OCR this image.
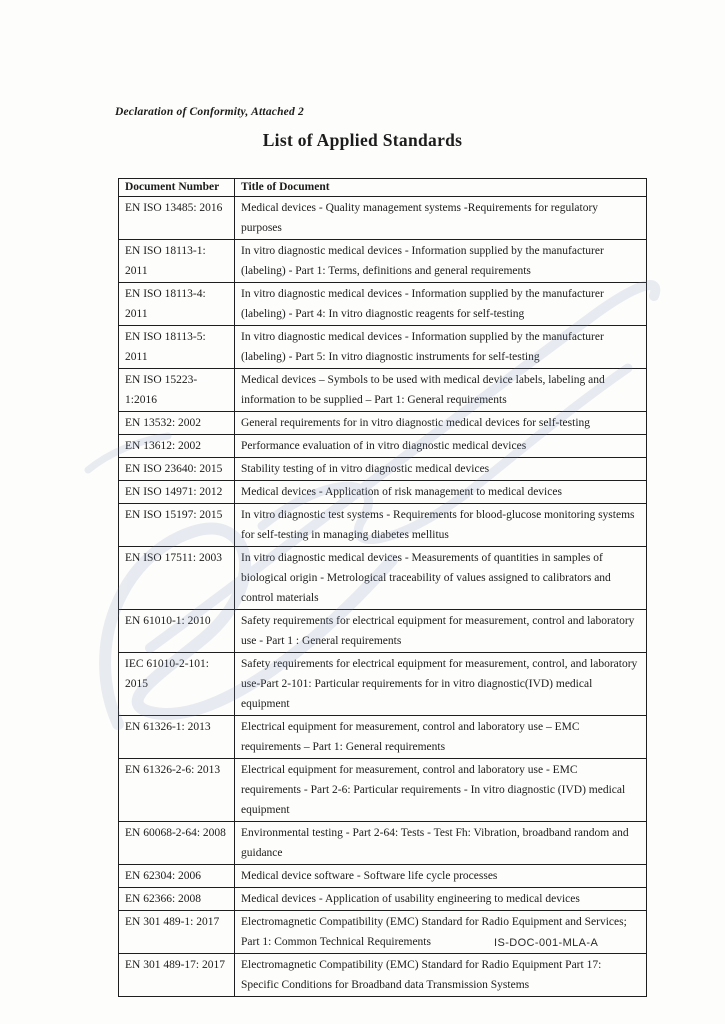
Declaration of Conformity, Attached 2
List of Applied Standards
Document Number	Title of Document
EN ISO 13485: 2016	Medical devices - Quality management systems -Requirements for regulatory purposes
EN ISO 18113-1: 2011	In vitro diagnostic medical devices - Information supplied by the manufacturer (labeling) - Part 1: Terms, definitions and general requirements
EN ISO 18113-4: 2011	In vitro diagnostic medical devices - Information supplied by the manufacturer (labeling) - Part 4: In vitro diagnostic reagents for self-testing
EN ISO 18113-5: 2011	In vitro diagnostic medical devices - Information supplied by the manufacturer (labeling) - Part 5: In vitro diagnostic instruments for self-testing
EN ISO 15223-1:2016	Medical devices – Symbols to be used with medical device labels, labeling and information to be supplied – Part 1: General requirements
EN 13532: 2002	General requirements for in vitro diagnostic medical devices for self-testing
EN 13612: 2002	Performance evaluation of in vitro diagnostic medical devices
EN ISO 23640: 2015	Stability testing of in vitro diagnostic medical devices
EN ISO 14971: 2012	Medical devices - Application of risk management to medical devices
EN ISO 15197: 2015	In vitro diagnostic test systems - Requirements for blood-glucose monitoring systems for self-testing in managing diabetes mellitus
EN ISO 17511: 2003	In vitro diagnostic medical devices - Measurements of quantities in samples of biological origin - Metrological traceability of values assigned to calibrators and control materials
EN 61010-1: 2010	Safety requirements for electrical equipment for measurement, control and laboratory use - Part 1 : General requirements
IEC 61010-2-101: 2015	Safety requirements for electrical equipment for measurement, control, and laboratory use-Part 2-101: Particular requirements for in vitro diagnostic(IVD) medical equipment
EN 61326-1: 2013	Electrical equipment for measurement, control and laboratory use – EMC requirements – Part 1: General requirements
EN 61326-2-6: 2013	Electrical equipment for measurement, control and laboratory use - EMC requirements - Part 2-6: Particular requirements - In vitro diagnostic (IVD) medical equipment
EN 60068-2-64: 2008	Environmental testing - Part 2-64: Tests - Test Fh: Vibration, broadband random and guidance
EN 62304: 2006	Medical device software - Software life cycle processes
EN 62366: 2008	Medical devices - Application of usability engineering to medical devices
EN 301 489-1: 2017	Electromagnetic Compatibility (EMC) Standard for Radio Equipment and Services; Part 1: Common Technical Requirements
EN 301 489-17: 2017	Electromagnetic Compatibility (EMC) Standard for Radio Equipment Part 17: Specific Conditions for Broadband data Transmission Systems
IS-DOC-001-MLA-A
